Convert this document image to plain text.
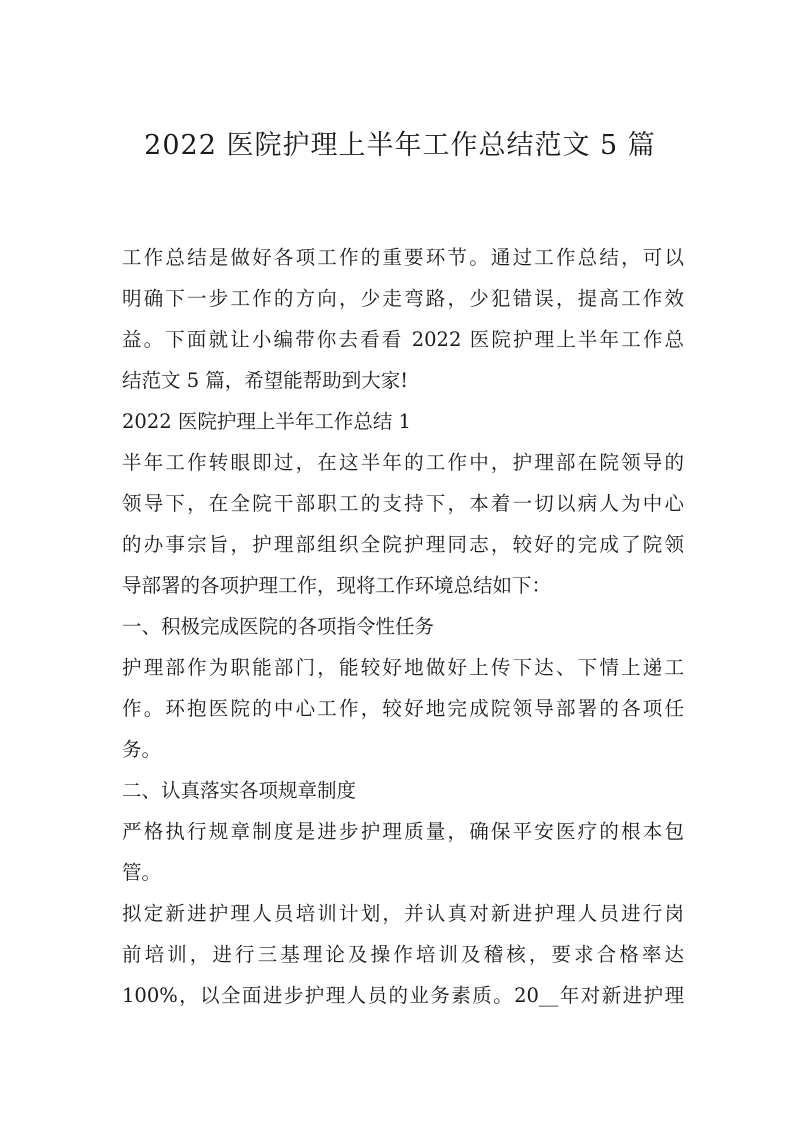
2022 医院护理上半年工作总结范文 5 篇
工作总结是做好各项工作的重要环节。通过工作总结，可以
明确下一步工作的方向，少走弯路，少犯错误，提高工作效
益。下面就让小编带你去看看 2022 医院护理上半年工作总
结范文 5 篇，希望能帮助到大家!
2022 医院护理上半年工作总结 1
半年工作转眼即过，在这半年的工作中，护理部在院领导的
领导下，在全院干部职工的支持下，本着一切以病人为中心
的办事宗旨，护理部组织全院护理同志，较好的完成了院领
导部署的各项护理工作，现将工作环境总结如下：
一、积极完成医院的各项指令性任务
护理部作为职能部门，能较好地做好上传下达、下情上递工
作。环抱医院的中心工作，较好地完成院领导部署的各项任
务。
二、认真落实各项规章制度
严格执行规章制度是进步护理质量，确保平安医疗的根本包
管。
拟定新进护理人员培训计划，并认真对新进护理人员进行岗
前培训，进行三基理论及操作培训及稽核，要求合格率达
100%，以全面进步护理人员的业务素质。20__年对新进护理
